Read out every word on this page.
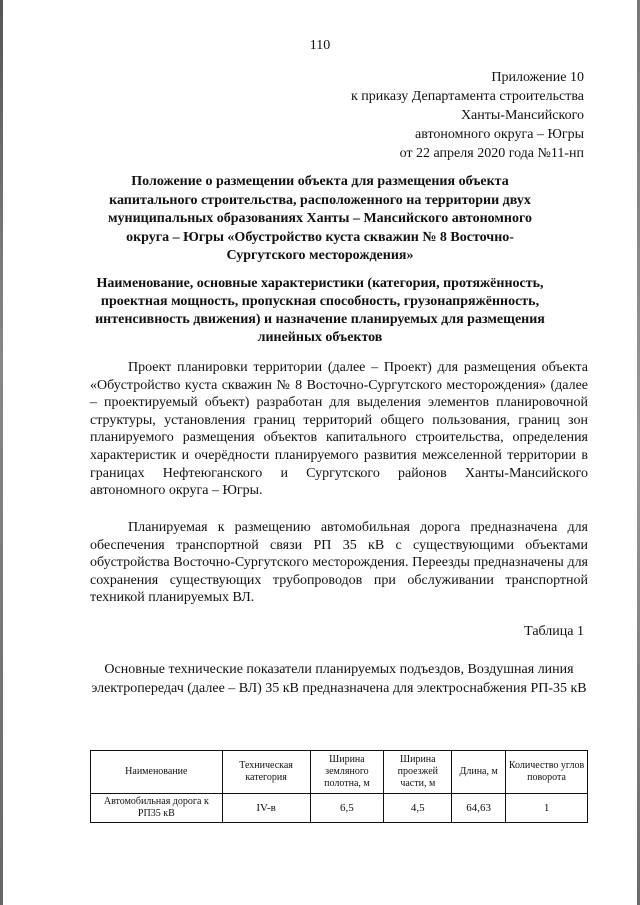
110
Приложение 10
к приказу Департамента строительства
Ханты-Мансийского
автономного округа – Югры
от 22 апреля 2020 года №11-нп
Положение о размещении объекта для размещения объекта капитального строительства, расположенного на территории двух муниципальных образованиях Ханты – Мансийского автономного округа – Югры «Обустройство куста скважин № 8 Восточно-Сургутского месторождения»
Наименование, основные характеристики (категория, протяжённость, проектная мощность, пропускная способность, грузонапряжённость, интенсивность движения) и назначение планируемых для размещения линейных объектов

Проект планировки территории (далее – Проект) для размещения объекта «Обустройство куста скважин № 8 Восточно-Сургутского месторождения» (далее – проектируемый объект) разработан для выделения элементов планировочной структуры, установления границ территорий общего пользования, границ зон планируемого размещения объектов капитального строительства, определения характеристик и очерёдности планируемого развития межселенной территории в границах Нефтеюганского и Сургутского районов Ханты-Мансийского автономного округа – Югры.

Планируемая к размещению автомобильная дорога предназначена для обеспечения транспортной связи РП 35 кВ с существующими объектами обустройства Восточно-Сургутского месторождения. Переезды предназначены для сохранения существующих трубопроводов при обслуживании транспортной техникой планируемых ВЛ.

Таблица 1
Основные технические показатели планируемых подъездов, Воздушная линия электропередач (далее – ВЛ) 35 кВ предназначена для электроснабжения РП-35 кВ
Наименование	Техническая категория	Ширина земляного полотна, м	Ширина проезжей части, м	Длина, м	Количество углов поворота
Автомобильная дорога к РП35 кВ	IV-в	6,5	4,5	64,63	1
